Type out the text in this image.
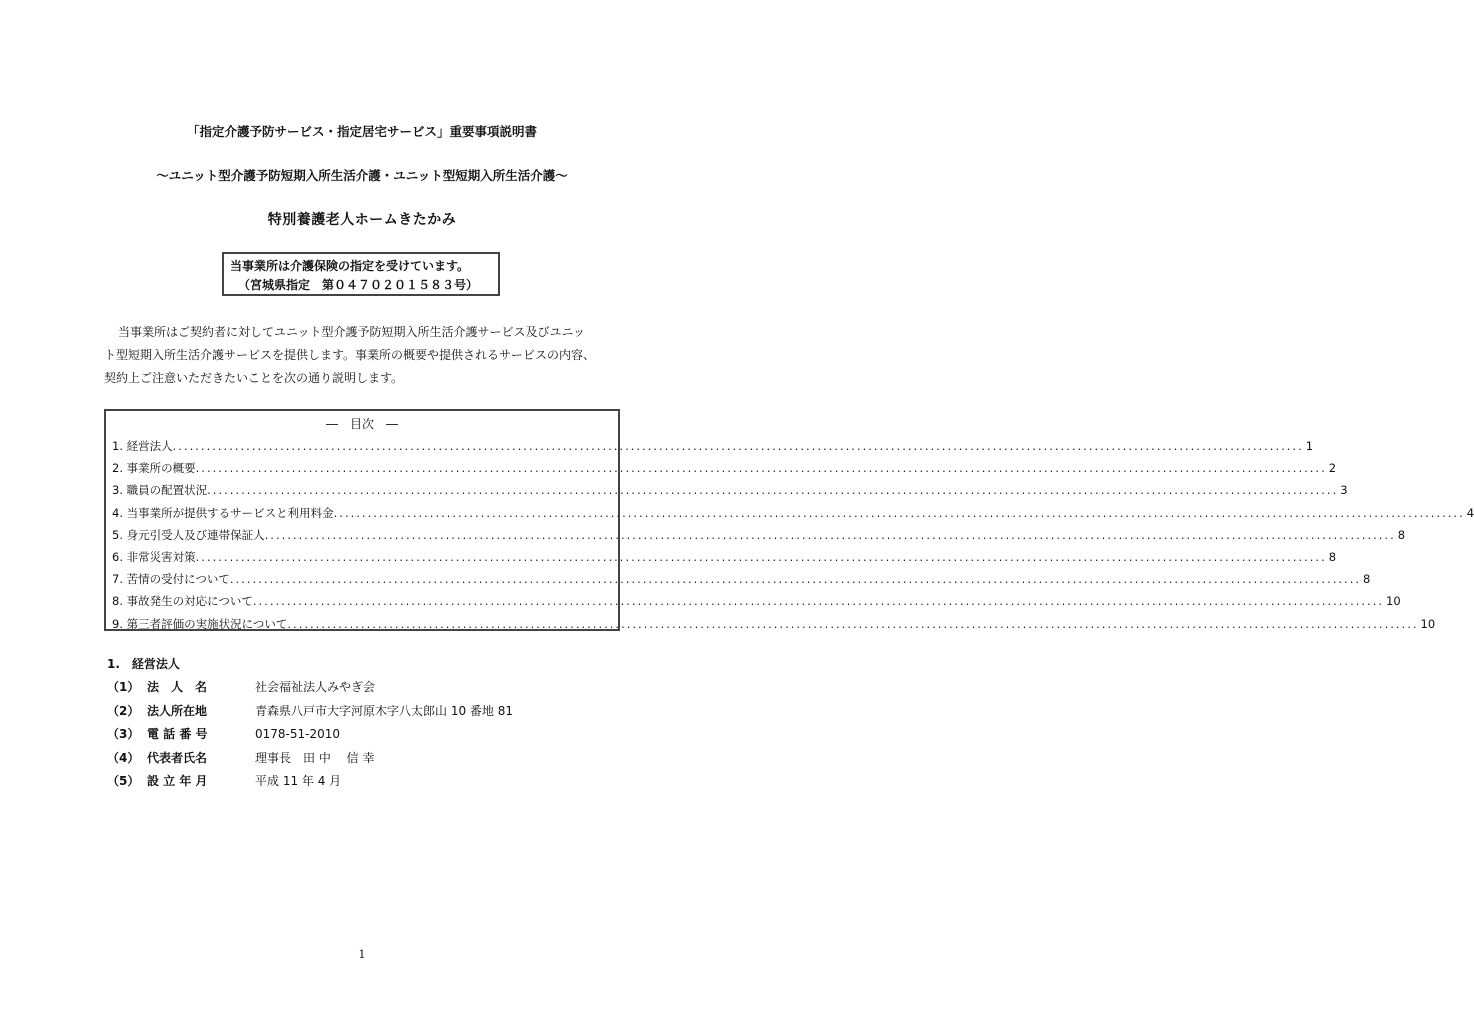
「指定介護予防サービス・指定居宅サービス」重要事項説明書
～ユニット型介護予防短期入所生活介護・ユニット型短期入所生活介護～
特別養護老人ホームきたかみ
当事業所は介護保険の指定を受けています。
（宮城県指定　第０４７０２０１５８３号）
当事業所はご契約者に対してユニット型介護予防短期入所生活介護サービス及びユニッ
ト型短期入所生活介護サービスを提供します。事業所の概要や提供されるサービスの内容、
契約上ご注意いただきたいことを次の通り説明します。
―　目次　―
1. 経営法人 ........................................................................................................................................................................................................ 1
2. 事業所の概要 ........................................................................................................................................................................................................ 2
3. 職員の配置状況 ........................................................................................................................................................................................................ 3
4. 当事業所が提供するサービスと利用料金 ........................................................................................................................................................................................................ 4
5. 身元引受人及び連帯保証人 ........................................................................................................................................................................................................ 8
6. 非常災害対策 ........................................................................................................................................................................................................ 8
7. 苦情の受付について ........................................................................................................................................................................................................ 8
8. 事故発生の対応について ........................................................................................................................................................................................................ 10
9. 第三者評価の実施状況について ........................................................................................................................................................................................................ 10
1.　経営法人
（1） 法　人　名	社会福祉法人みやぎ会
（2） 法人所在地	青森県八戸市大字河原木字八太郎山 10 番地 81
（3） 電 話 番 号	0178-51-2010
（4） 代表者氏名	理事長　田 中　 信 幸
（5） 設 立 年 月	平成 11 年 4 月
1
